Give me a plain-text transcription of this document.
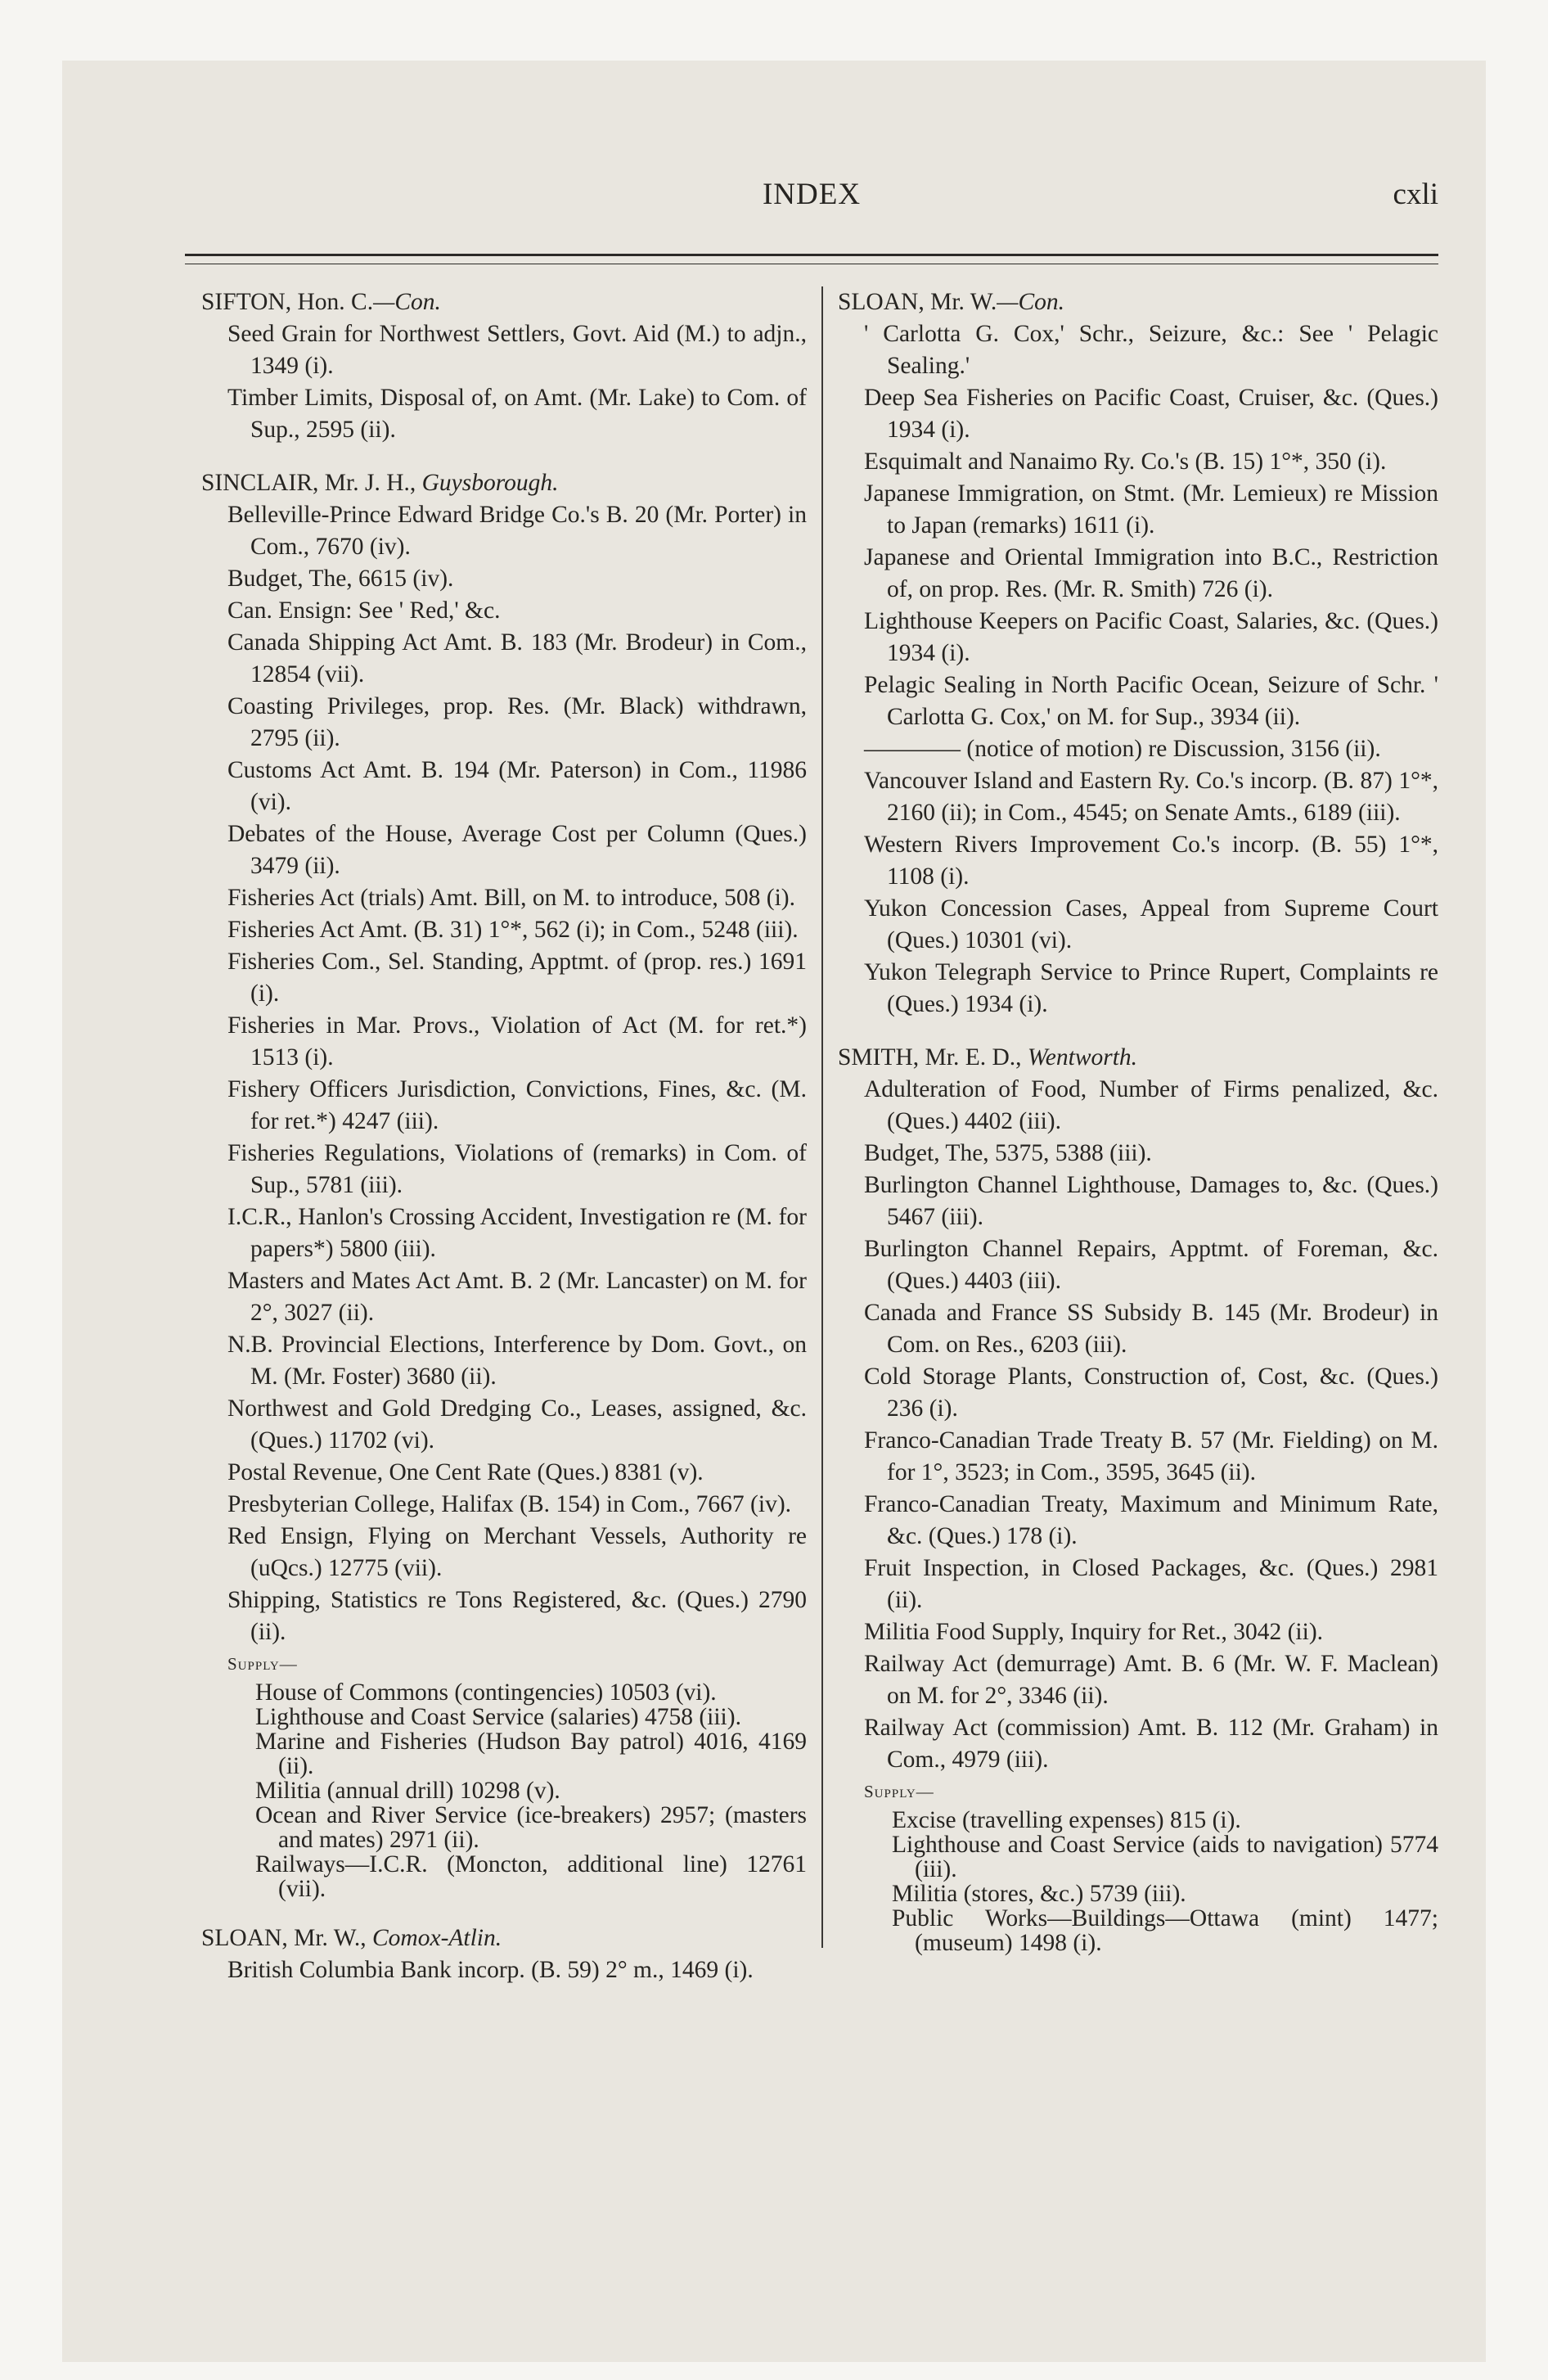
INDEX	cxli

SIFTON, Hon. C.—Con.

Seed Grain for Northwest Settlers, Govt. Aid (M.) to adjn., 1349 (i).

Timber Limits, Disposal of, on Amt. (Mr. Lake) to Com. of Sup., 2595 (ii).

SINCLAIR, Mr. J. H., Guysborough.

Belleville-Prince Edward Bridge Co.'s B. 20 (Mr. Porter) in Com., 7670 (iv).

Budget, The, 6615 (iv).

Can. Ensign: See ' Red,' &c.

Canada Shipping Act Amt. B. 183 (Mr. Brodeur) in Com., 12854 (vii).

Coasting Privileges, prop. Res. (Mr. Black) withdrawn, 2795 (ii).

Customs Act Amt. B. 194 (Mr. Paterson) in Com., 11986 (vi).

Debates of the House, Average Cost per Column (Ques.) 3479 (ii).

Fisheries Act (trials) Amt. Bill, on M. to introduce, 508 (i).

Fisheries Act Amt. (B. 31) 1°*, 562 (i); in Com., 5248 (iii).

Fisheries Com., Sel. Standing, Apptmt. of (prop. res.) 1691 (i).

Fisheries in Mar. Provs., Violation of Act (M. for ret.*) 1513 (i).

Fishery Officers Jurisdiction, Convictions, Fines, &c. (M. for ret.*) 4247 (iii).

Fisheries Regulations, Violations of (remarks) in Com. of Sup., 5781 (iii).

I.C.R., Hanlon's Crossing Accident, Investigation re (M. for papers*) 5800 (iii).

Masters and Mates Act Amt. B. 2 (Mr. Lancaster) on M. for 2°, 3027 (ii).

N.B. Provincial Elections, Interference by Dom. Govt., on M. (Mr. Foster) 3680 (ii).

Northwest and Gold Dredging Co., Leases, assigned, &c. (Ques.) 11702 (vi).

Postal Revenue, One Cent Rate (Ques.) 8381 (v).

Presbyterian College, Halifax (B. 154) in Com., 7667 (iv).

Red Ensign, Flying on Merchant Vessels, Authority re (uQcs.) 12775 (vii).

Shipping, Statistics re Tons Registered, &c. (Ques.) 2790 (ii).

Supply—

House of Commons (contingencies) 10503 (vi).

Lighthouse and Coast Service (salaries) 4758 (iii).

Marine and Fisheries (Hudson Bay patrol) 4016, 4169 (ii).

Militia (annual drill) 10298 (v).

Ocean and River Service (ice-breakers) 2957; (masters and mates) 2971 (ii).

Railways—I.C.R. (Moncton, additional line) 12761 (vii).

SLOAN, Mr. W., Comox-Atlin.

British Columbia Bank incorp. (B. 59) 2° m., 1469 (i).

SLOAN, Mr. W.—Con.

' Carlotta G. Cox,' Schr., Seizure, &c.: See ' Pelagic Sealing.'

Deep Sea Fisheries on Pacific Coast, Cruiser, &c. (Ques.) 1934 (i).

Esquimalt and Nanaimo Ry. Co.'s (B. 15) 1°*, 350 (i).

Japanese Immigration, on Stmt. (Mr. Lemieux) re Mission to Japan (remarks) 1611 (i).

Japanese and Oriental Immigration into B.C., Restriction of, on prop. Res. (Mr. R. Smith) 726 (i).

Lighthouse Keepers on Pacific Coast, Salaries, &c. (Ques.) 1934 (i).

Pelagic Sealing in North Pacific Ocean, Seizure of Schr. ' Carlotta G. Cox,' on M. for Sup., 3934 (ii).

———— (notice of motion) re Discussion, 3156 (ii).

Vancouver Island and Eastern Ry. Co.'s incorp. (B. 87) 1°*, 2160 (ii); in Com., 4545; on Senate Amts., 6189 (iii).

Western Rivers Improvement Co.'s incorp. (B. 55) 1°*, 1108 (i).

Yukon Concession Cases, Appeal from Supreme Court (Ques.) 10301 (vi).

Yukon Telegraph Service to Prince Rupert, Complaints re (Ques.) 1934 (i).

SMITH, Mr. E. D., Wentworth.

Adulteration of Food, Number of Firms penalized, &c. (Ques.) 4402 (iii).

Budget, The, 5375, 5388 (iii).

Burlington Channel Lighthouse, Damages to, &c. (Ques.) 5467 (iii).

Burlington Channel Repairs, Apptmt. of Foreman, &c. (Ques.) 4403 (iii).

Canada and France SS Subsidy B. 145 (Mr. Brodeur) in Com. on Res., 6203 (iii).

Cold Storage Plants, Construction of, Cost, &c. (Ques.) 236 (i).

Franco-Canadian Trade Treaty B. 57 (Mr. Fielding) on M. for 1°, 3523; in Com., 3595, 3645 (ii).

Franco-Canadian Treaty, Maximum and Minimum Rate, &c. (Ques.) 178 (i).

Fruit Inspection, in Closed Packages, &c. (Ques.) 2981 (ii).

Militia Food Supply, Inquiry for Ret., 3042 (ii).

Railway Act (demurrage) Amt. B. 6 (Mr. W. F. Maclean) on M. for 2°, 3346 (ii).

Railway Act (commission) Amt. B. 112 (Mr. Graham) in Com., 4979 (iii).

Supply—

Excise (travelling expenses) 815 (i).

Lighthouse and Coast Service (aids to navigation) 5774 (iii).

Militia (stores, &c.) 5739 (iii).

Public Works—Buildings—Ottawa (mint) 1477; (museum) 1498 (i).
